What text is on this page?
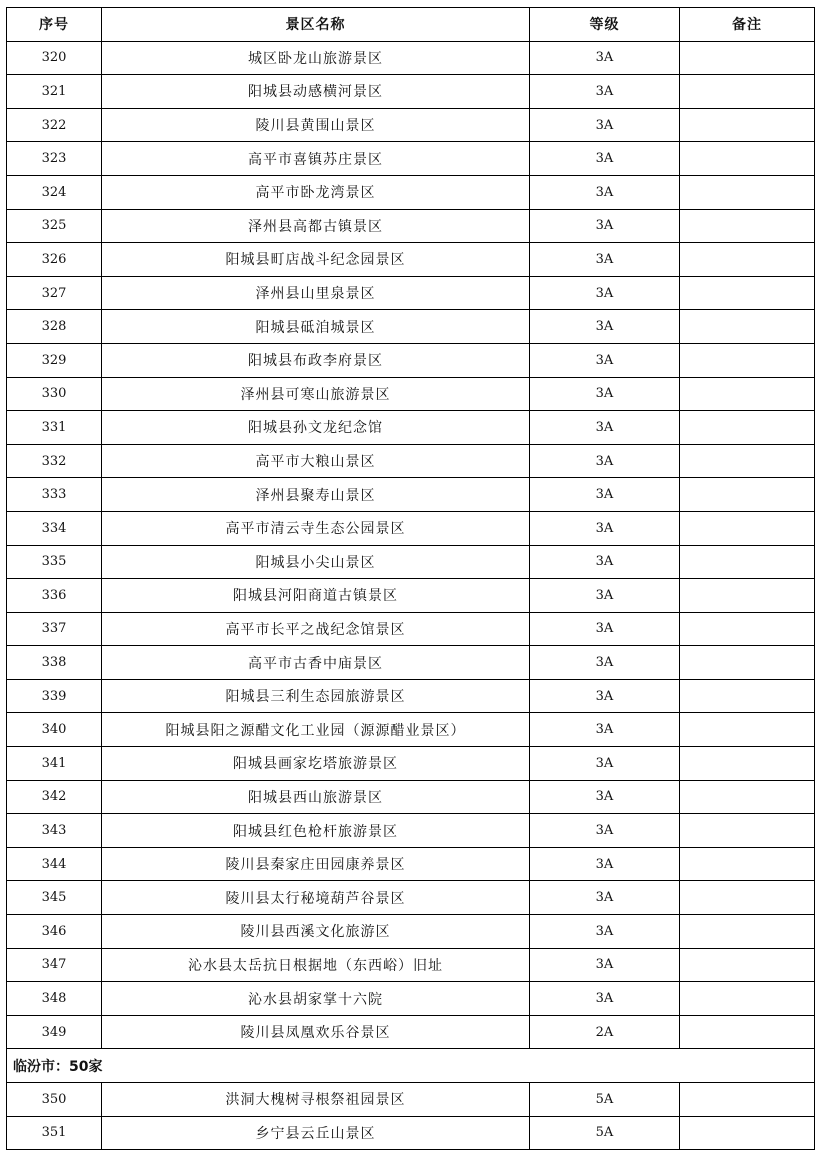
序号	景区名称	等级	备注
320	城区卧龙山旅游景区	3A	
321	阳城县动感横河景区	3A	
322	陵川县黄围山景区	3A	
323	高平市喜镇苏庄景区	3A	
324	高平市卧龙湾景区	3A	
325	泽州县高都古镇景区	3A	
326	阳城县町店战斗纪念园景区	3A	
327	泽州县山里泉景区	3A	
328	阳城县砥洎城景区	3A	
329	阳城县布政李府景区	3A	
330	泽州县可寒山旅游景区	3A	
331	阳城县孙文龙纪念馆	3A	
332	高平市大粮山景区	3A	
333	泽州县聚寿山景区	3A	
334	高平市清云寺生态公园景区	3A	
335	阳城县小尖山景区	3A	
336	阳城县河阳商道古镇景区	3A	
337	高平市长平之战纪念馆景区	3A	
338	高平市古香中庙景区	3A	
339	阳城县三利生态园旅游景区	3A	
340	阳城县阳之源醋文化工业园（源源醋业景区）	3A	
341	阳城县画家圪塔旅游景区	3A	
342	阳城县西山旅游景区	3A	
343	阳城县红色枪杆旅游景区	3A	
344	陵川县秦家庄田园康养景区	3A	
345	陵川县太行秘境葫芦谷景区	3A	
346	陵川县西溪文化旅游区	3A	
347	沁水县太岳抗日根据地（东西峪）旧址	3A	
348	沁水县胡家掌十六院	3A	
349	陵川县凤凰欢乐谷景区	2A	
临汾市：50家			
350	洪洞大槐树寻根祭祖园景区	5A	
351	乡宁县云丘山景区	5A	
